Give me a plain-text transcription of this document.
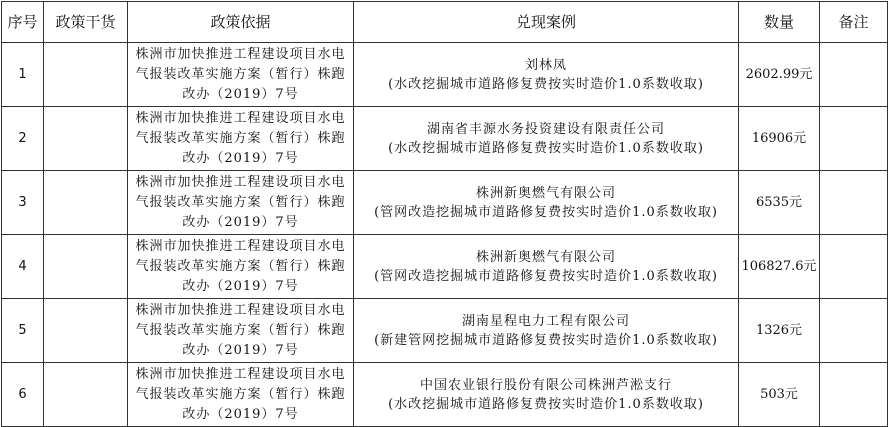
序号	政策干货	政策依据	兑现案例	数量	备注
1		株洲市加快推进工程建设项目水电气报装改革实施方案（暂行）株跑改办（2019）7号	刘林凤
(水改挖掘城市道路修复费按实时造价1.0系数收取)	2602.99元	
2		株洲市加快推进工程建设项目水电气报装改革实施方案（暂行）株跑改办（2019）7号	湖南省丰源水务投资建设有限责任公司
(水改挖掘城市道路修复费按实时造价1.0系数收取)	16906元	
3		株洲市加快推进工程建设项目水电气报装改革实施方案（暂行）株跑改办（2019）7号	株洲新奥燃气有限公司
(管网改造挖掘城市道路修复费按实时造价1.0系数收取)	6535元	
4		株洲市加快推进工程建设项目水电气报装改革实施方案（暂行）株跑改办（2019）7号	株洲新奥燃气有限公司
(管网改造挖掘城市道路修复费按实时造价1.0系数收取)	106827.6元	
5		株洲市加快推进工程建设项目水电气报装改革实施方案（暂行）株跑改办（2019）7号	湖南星程电力工程有限公司
(新建管网挖掘城市道路修复费按实时造价1.0系数收取)	1326元	
6		株洲市加快推进工程建设项目水电气报装改革实施方案（暂行）株跑改办（2019）7号	中国农业银行股份有限公司株洲芦淞支行
(水改挖掘城市道路修复费按实时造价1.0系数收取)	503元	
